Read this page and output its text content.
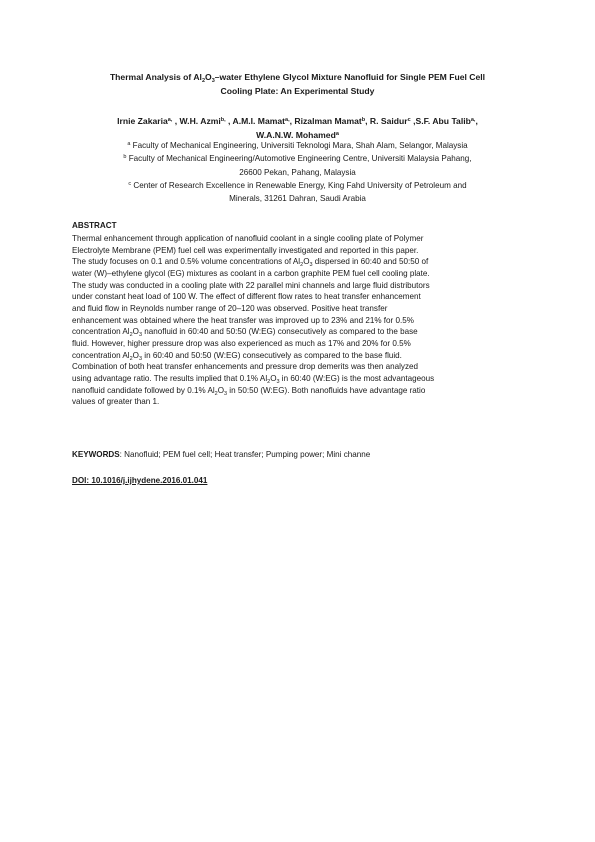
Thermal Analysis of $Al_2O_3$–water Ethylene Glycol Mixture Nanofluid for Single PEM Fuel Cell
Cooling Plate: An Experimental Study
Irnie Zakaria$^{a,}$ , W.H. Azmi$^{b,}$ , A.M.I. Mamat$^{a,}$, Rizalman Mamat$^b$, R. Saidur$^c$ ,S.F. Abu Talib$^{a,}$,
W.A.N.W. Mohamed$^a$
$^a$ Faculty of Mechanical Engineering, Universiti Teknologi Mara, Shah Alam, Selangor, Malaysia
$^b$ Faculty of Mechanical Engineering/Automotive Engineering Centre, Universiti Malaysia Pahang,
26600 Pekan, Pahang, Malaysia
$^c$ Center of Research Excellence in Renewable Energy, King Fahd University of Petroleum and
Minerals, 31261 Dahran, Saudi Arabia
ABSTRACT
Thermal enhancement through application of nanofluid coolant in a single cooling plate of Polymer
Electrolyte Membrane (PEM) fuel cell was experimentally investigated and reported in this paper.
The study focuses on 0.1 and 0.5% volume concentrations of $Al_2O_3$ dispersed in 60:40 and 50:50 of
water (W)–ethylene glycol (EG) mixtures as coolant in a carbon graphite PEM fuel cell cooling plate.
The study was conducted in a cooling plate with 22 parallel mini channels and large fluid distributors
under constant heat load of 100 W. The effect of different flow rates to heat transfer enhancement
and fluid flow in Reynolds number range of 20–120 was observed. Positive heat transfer
enhancement was obtained where the heat transfer was improved up to 23% and 21% for 0.5%
concentration $Al_2O_3$ nanofluid in 60:40 and 50:50 (W:EG) consecutively as compared to the base
fluid. However, higher pressure drop was also experienced as much as 17% and 20% for 0.5%
concentration $Al_2O_3$ in 60:40 and 50:50 (W:EG) consecutively as compared to the base fluid.
Combination of both heat transfer enhancements and pressure drop demerits was then analyzed
using advantage ratio. The results implied that 0.1% $Al_2O_3$ in 60:40 (W:EG) is the most advantageous
nanofluid candidate followed by 0.1% $Al_2O_3$ in 50:50 (W:EG). Both nanofluids have advantage ratio
values of greater than 1.
KEYWORDS: Nanofluid; PEM fuel cell; Heat transfer; Pumping power; Mini channe
DOI: 10.1016/j.ijhydene.2016.01.041
